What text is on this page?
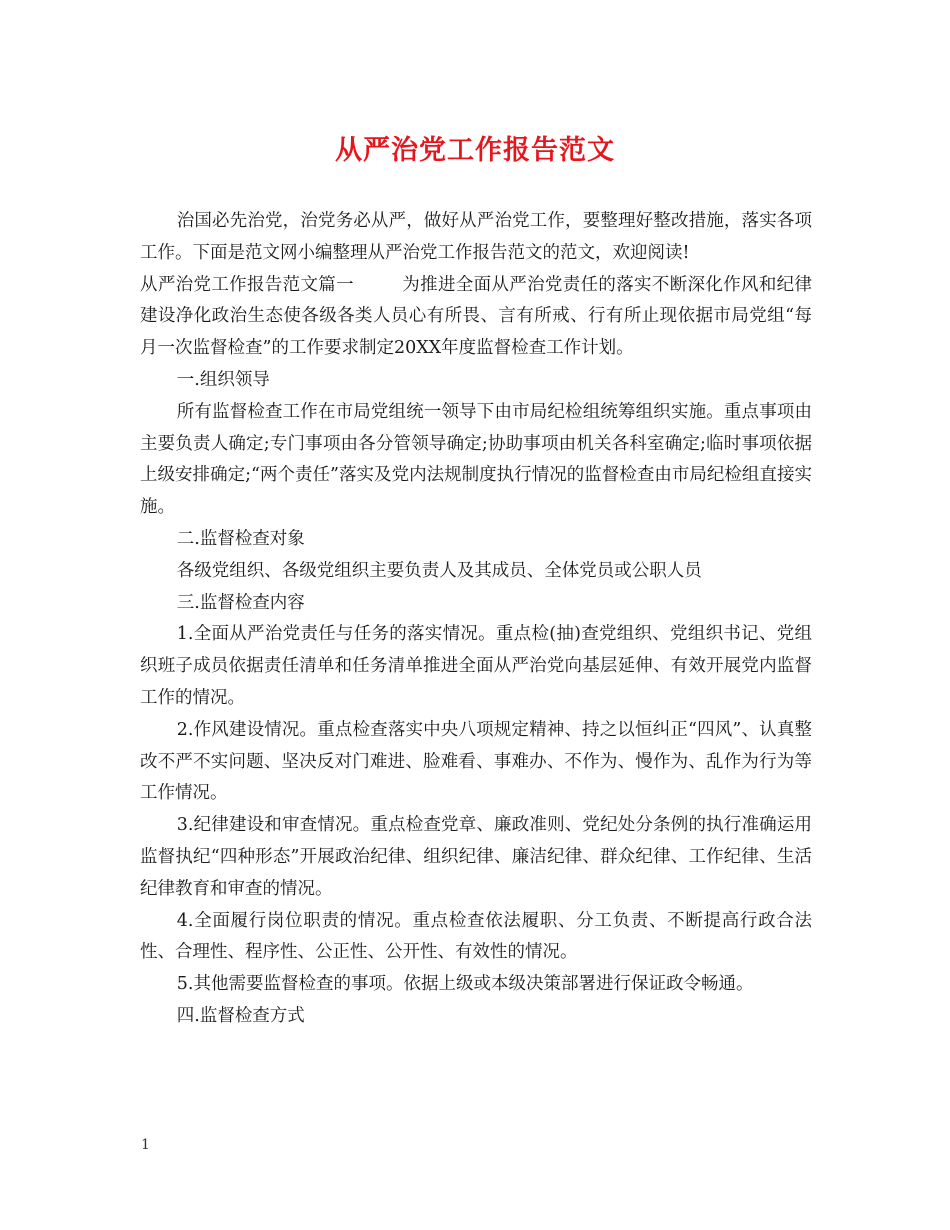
从严治党工作报告范文

治国必先治党，治党务必从严，做好从严治党工作，要整理好整改措施，落实各项工作。下面是范文网小编整理从严治党工作报告范文的范文，欢迎阅读!

从严治党工作报告范文篇一	为推进全面从严治党责任的落实不断深化作风和纪律建设净化政治生态使各级各类人员心有所畏、言有所戒、行有所止现依据市局党组“每月一次监督检查”的工作要求制定20XX年度监督检查工作计划。

一.组织领导

所有监督检查工作在市局党组统一领导下由市局纪检组统筹组织实施。重点事项由主要负责人确定;专门事项由各分管领导确定;协助事项由机关各科室确定;临时事项依据上级安排确定;“两个责任”落实及党内法规制度执行情况的监督检查由市局纪检组直接实施。

二.监督检查对象

各级党组织、各级党组织主要负责人及其成员、全体党员或公职人员

三.监督检查内容

1.全面从严治党责任与任务的落实情况。重点检(抽)查党组织、党组织书记、党组织班子成员依据责任清单和任务清单推进全面从严治党向基层延伸、有效开展党内监督工作的情况。

2.作风建设情况。重点检查落实中央八项规定精神、持之以恒纠正“四风”、认真整改不严不实问题、坚决反对门难进、脸难看、事难办、不作为、慢作为、乱作为行为等工作情况。

3.纪律建设和审查情况。重点检查党章、廉政准则、党纪处分条例的执行准确运用监督执纪“四种形态”开展政治纪律、组织纪律、廉洁纪律、群众纪律、工作纪律、生活纪律教育和审查的情况。

4.全面履行岗位职责的情况。重点检查依法履职、分工负责、不断提高行政合法性、合理性、程序性、公正性、公开性、有效性的情况。

5.其他需要监督检查的事项。依据上级或本级决策部署进行保证政令畅通。

四.监督检查方式

1
